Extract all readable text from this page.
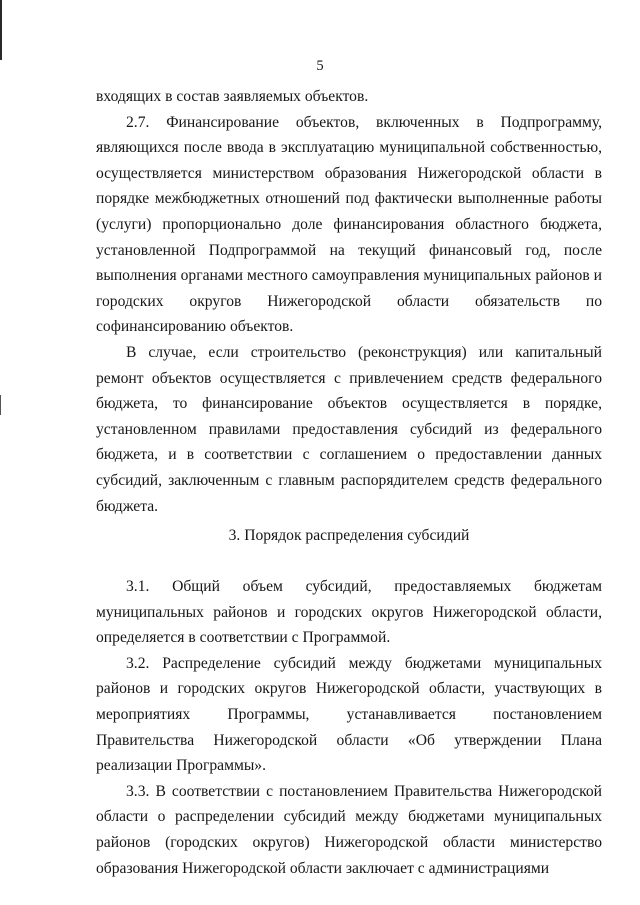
5

входящих в состав заявляемых объектов.

2.7. Финансирование объектов, включенных в Подпрограмму, являющихся после ввода в эксплуатацию муниципальной собственностью, осуществляется министерством образования Нижегородской области в порядке межбюджетных отношений под фактически выполненные работы (услуги) пропорционально доле финансирования областного бюджета, установленной Подпрограммой на текущий финансовый год, после выполнения органами местного самоуправления муниципальных районов и городских округов Нижегородской области обязательств по софинансированию объектов.

В случае, если строительство (реконструкция) или капитальный ремонт объектов осуществляется с привлечением средств федерального бюджета, то финансирование объектов осуществляется в порядке, установленном правилами предоставления субсидий из федерального бюджета, и в соответствии с соглашением о предоставлении данных субсидий, заключенным с главным распорядителем средств федерального бюджета.

3. Порядок распределения субсидий

3.1. Общий объем субсидий, предоставляемых бюджетам муниципальных районов и городских округов Нижегородской области, определяется в соответствии с Программой.

3.2. Распределение субсидий между бюджетами муниципальных районов и городских округов Нижегородской области, участвующих в мероприятиях Программы, устанавливается постановлением Правительства Нижегородской области «Об утверждении Плана реализации Программы».

3.3. В соответствии с постановлением Правительства Нижегородской области о распределении субсидий между бюджетами муниципальных районов (городских округов) Нижегородской области министерство образования Нижегородской области заключает с администрациями
